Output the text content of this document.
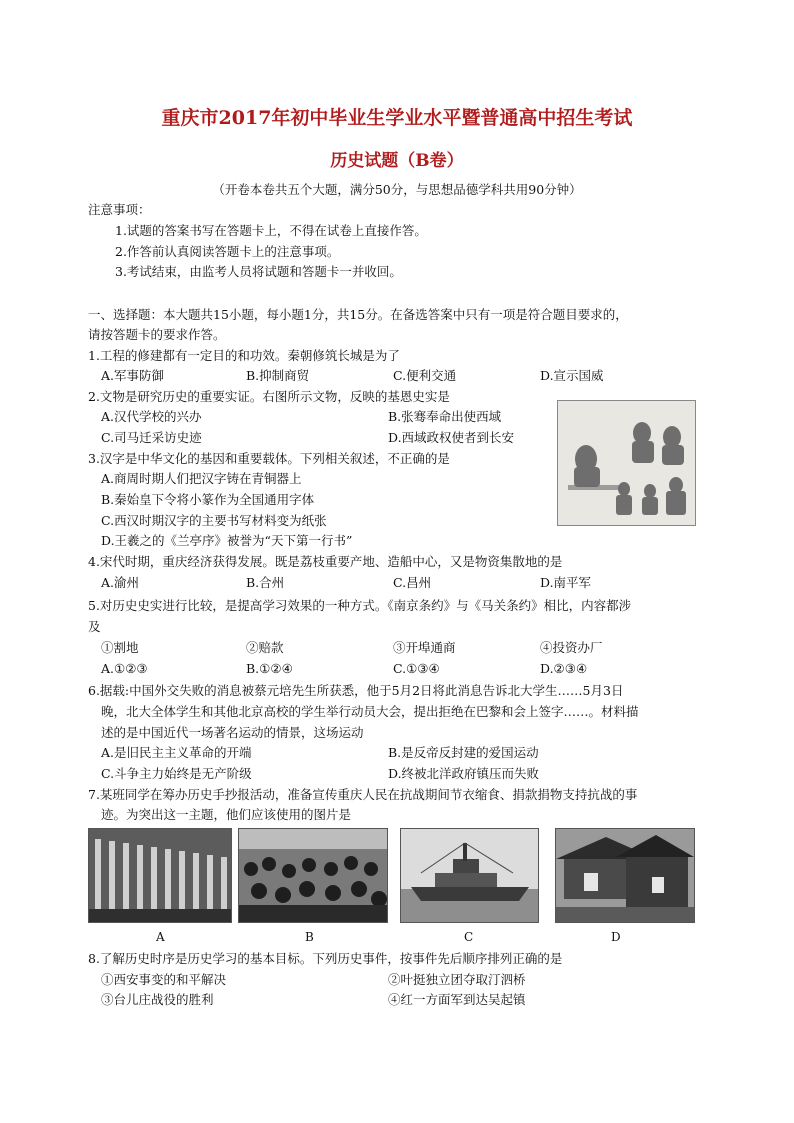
重庆市2017年初中毕业生学业水平暨普通高中招生考试
历史试题（B卷）
（开卷本卷共五个大题，满分50分，与思想品德学科共用90分钟）
注意事项：
1.试题的答案书写在答题卡上，不得在试卷上直接作答。
2.作答前认真阅读答题卡上的注意事项。
3.考试结束，由监考人员将试题和答题卡一并收回。
一、选择题：本大题共15小题，每小题1分，共15分。在备选答案中只有一项是符合题目要求的，
请按答题卡的要求作答。
1.工程的修建都有一定目的和功效。秦朝修筑长城是为了
A.军事防御	B.抑制商贸	C.便利交通	D.宣示国威
2.文物是研究历史的重要实证。右图所示文物，反映的基恩史实是
A.汉代学校的兴办	B.张骞奉命出使西域
C.司马迁采访史迹	D.西域政权使者到长安
3.汉字是中华文化的基因和重要载体。下列相关叙述，不正确的是
A.商周时期人们把汉字铸在青铜器上
B.秦始皇下令将小篆作为全国通用字体
C.西汉时期汉字的主要书写材料变为纸张
D.王羲之的《兰亭序》被誉为“天下第一行书”
4.宋代时期，重庆经济获得发展。既是荔枝重要产地、造船中心，又是物资集散地的是
A.渝州	B.合州	C.昌州	D.南平军
5.对历史史实进行比较，是提高学习效果的一种方式。《南京条约》与《马关条约》相比，内容都涉
及
①割地	②赔款	③开埠通商	④投资办厂
A.①②③	B.①②④	C.①③④	D.②③④
6.据载:中国外交失败的消息被蔡元培先生所获悉，他于5月2日将此消息告诉北大学生……5月3日
晚，北大全体学生和其他北京高校的学生举行动员大会，提出拒绝在巴黎和会上签字……。材料描
述的是中国近代一场著名运动的情景，这场运动
A.是旧民主主义革命的开端	B.是反帝反封建的爱国运动
C.斗争主力始终是无产阶级	D.终被北洋政府镇压而失败
7.某班同学在筹办历史手抄报活动，准备宣传重庆人民在抗战期间节衣缩食、捐款捐物支持抗战的事
迹。为突出这一主题，他们应该使用的图片是
A	B	C	D
8.了解历史时序是历史学习的基本目标。下列历史事件，按事件先后顺序排列正确的是
①西安事变的和平解决	②叶挺独立团夺取汀泗桥
③台儿庄战役的胜利	④红一方面军到达吴起镇
